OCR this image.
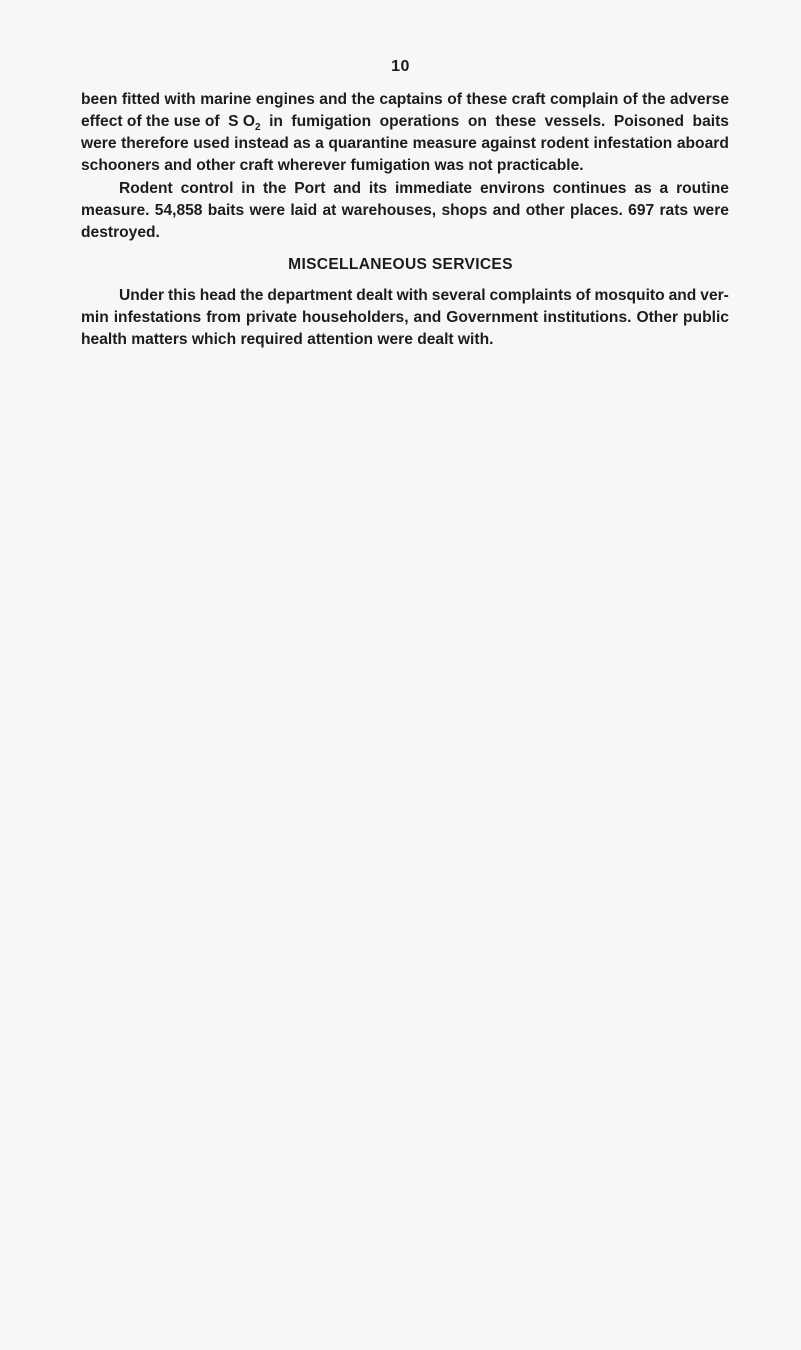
10
been fitted with marine engines and the captains of these craft complain of the adverse
effect of the use of S O2 in fumigation operations on these vessels. Poisoned baits
were therefore used instead as a quarantine measure against rodent infestation aboard
schooners and other craft wherever fumigation was not practicable.
Rodent control in the Port and its immediate environs continues as a routine
measure. 54,858 baits were laid at warehouses, shops and other places. 697 rats were
destroyed.
MISCELLANEOUS SERVICES
Under this head the department dealt with several complaints of mosquito and ver-
min infestations from private householders, and Government institutions. Other public
health matters which required attention were dealt with.
